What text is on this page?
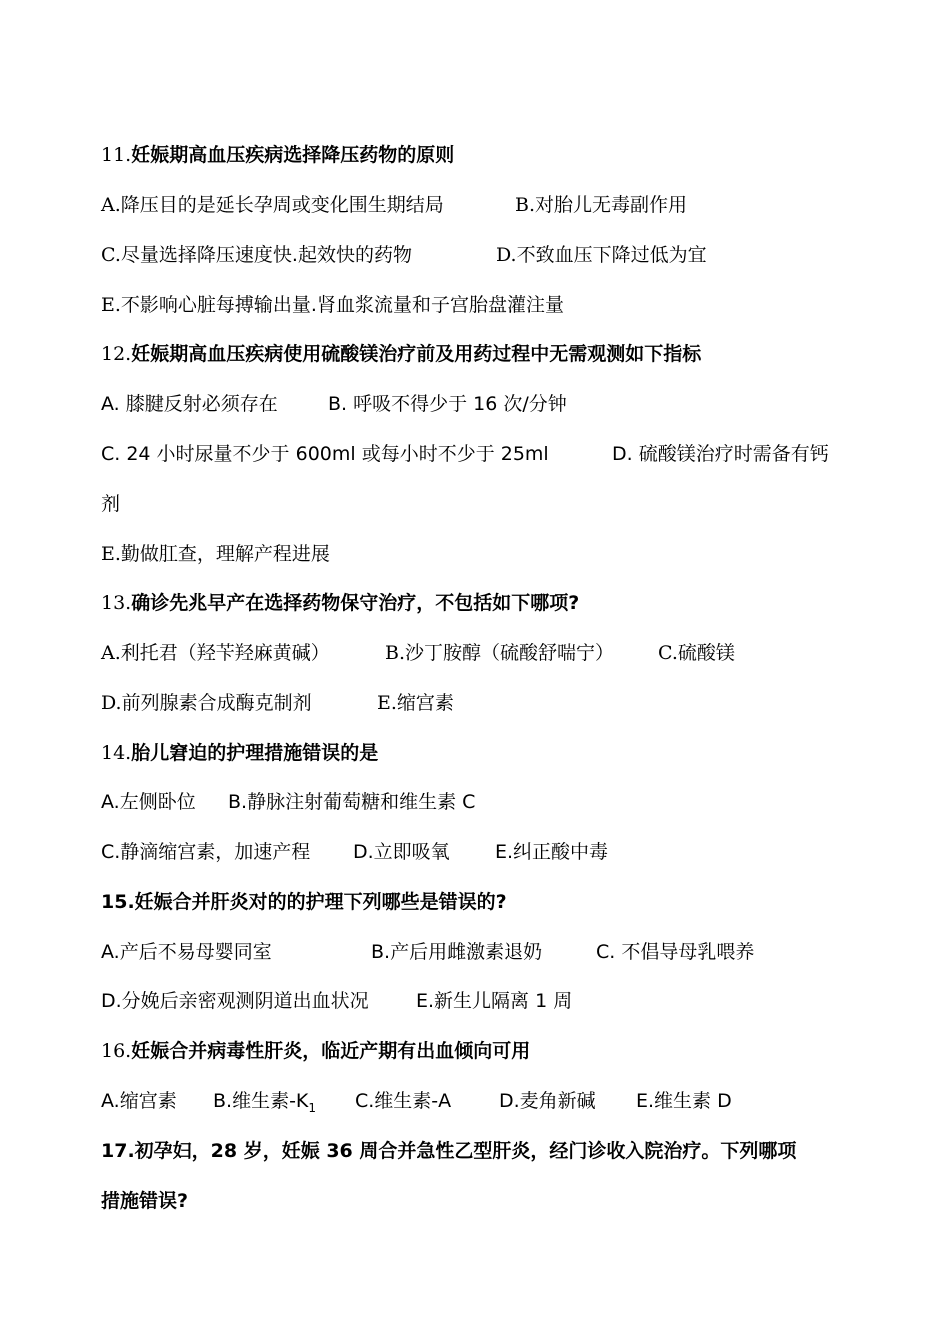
11.妊娠期高血压疾病选择降压药物的原则
A.降压目的是延长孕周或变化围生期结局	B.对胎儿无毒副作用
C.尽量选择降压速度快.起效快的药物	D.不致血压下降过低为宜
E.不影响心脏每搏输出量.肾血浆流量和子宫胎盘灌注量
12.妊娠期高血压疾病使用硫酸镁治疗前及用药过程中无需观测如下指标
A. 膝腱反射必须存在	B. 呼吸不得少于 16 次/分钟
C. 24 小时尿量不少于 600ml 或每小时不少于 25ml	D. 硫酸镁治疗时需备有钙
剂
E.勤做肛查，理解产程进展
13.确诊先兆早产在选择药物保守治疗，不包括如下哪项?
A.利托君（羟苄羟麻黄碱）	B.沙丁胺醇（硫酸舒喘宁） C.硫酸镁
D.前列腺素合成酶克制剂	E.缩宫素
14.胎儿窘迫的护理措施错误的是
A.左侧卧位 B.静脉注射葡萄糖和维生素 C
C.静滴缩宫素，加速产程 D.立即吸氧 E.纠正酸中毒
15.妊娠合并肝炎对的的护理下列哪些是错误的?
A.产后不易母婴同室	B.产后用雌激素退奶	C. 不倡导母乳喂养
D.分娩后亲密观测阴道出血状况 E.新生儿隔离 1 周
16.妊娠合并病毒性肝炎，临近产期有出血倾向可用
A.缩宫素 B.维生素$-K_1$ C.维生素-A	D.麦角新碱 E.维生素 D
17.初孕妇，28 岁，妊娠 36 周合并急性乙型肝炎，经门诊收入院治疗。下列哪项
措施错误?
